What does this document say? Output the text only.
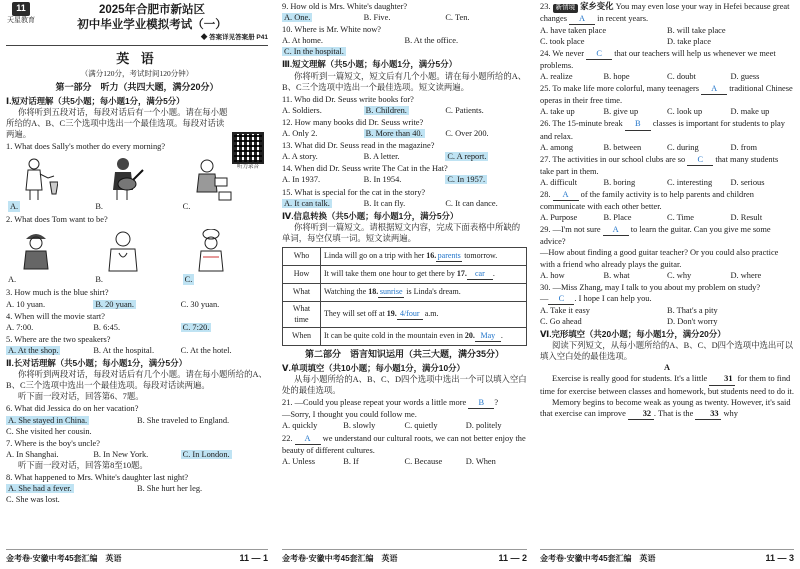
11
天星教育
2025年合肥市新站区
初中毕业学业模拟考试（一）
◆ 答案详见答案册 P41
英 语
（满分120分，考试时间120分钟）
第一部分　听力（共四大题，满分20分）
听力录音
Ⅰ.短对话理解（共5小题；每小题1分，满分5分）
你将听到五段对话，每段对话后有一个小题。请在每小题所给的A、B、C三个选项中选出一个最佳选项。每段对话读两遍。
1. What does Sally's mother do every morning?
A.	B.	C.
2. What does Tom want to be?
A.	B.	C.
3. How much is the blue shirt?
A. 10 yuan.	B. 20 yuan.	C. 30 yuan.
4. When will the movie start?
A. 7:00.	B. 6:45.	C. 7:20.
5. Where are the two speakers?
A. At the shop.	B. At the hospital.	C. At the hotel.
Ⅱ.长对话理解（共5小题；每小题1分，满分5分）
你将听到两段对话，每段对话后有几个小题。请在每小题所给的A、B、C三个选项中选出一个最佳选项。每段对话读两遍。
听下面一段对话，回答第6、7题。
6. What did Jessica do on her vacation?
A. She stayed in China.	B. She traveled to England.
C. She visited her cousin.
7. Where is the boy's uncle?
A. In Shanghai.	B. In New York.	C. In London.
听下面一段对话，回答第8至10题。
8. What happened to Mrs. White's daughter last night?
A. She had a fever.	B. She hurt her leg.
C. She was lost.
金考卷·安徽中考45套汇编　英语	11 — 1
9. How old is Mrs. White's daughter?
A. One.	B. Five.	C. Ten.
10. Where is Mr. White now?
A. At home.	B. At the office.
C. In the hospital.
Ⅲ.短文理解（共5小题；每小题1分，满分5分）
你将听到一篇短文，短文后有几个小题。请在每小题所给的A、B、C三个选项中选出一个最佳选项。短文读两遍。
11. Who did Dr. Seuss write books for?
A. Soldiers.	B. Children.	C. Patients.
12. How many books did Dr. Seuss write?
A. Only 2.	B. More than 40.	C. Over 200.
13. What did Dr. Seuss read in the magazine?
A. A story.	B. A letter.	C. A report.
14. When did Dr. Seuss write The Cat in the Hat?
A. In 1937.	B. In 1954.	C. In 1957.
15. What is special for the cat in the story?
A. It can talk.	B. It can fly.	C. It can dance.
Ⅳ.信息转换（共5小题；每小题1分，满分5分）
你将听到一篇短文。请根据短文内容，完成下面表格中所缺的单词，每空仅填一词。短文读两遍。
Who	Linda will go on a trip with her 16.parents tomorrow.
How	It will take them one hour to get there by 17. car .
What	Watching the 18. sunrise is Linda's dream.
What time	They will set off at 19. 4/four a.m.
When	It can be quite cold in the mountain even in 20. May .
第二部分　语言知识运用（共三大题，满分35分）
Ⅴ.单项填空（共10小题；每小题1分，满分10分）
从每小题所给的A、B、C、D四个选项中选出一个可以填入空白处的最佳选项。
21. —Could you please repeat your words a little more B ?
—Sorry, I thought you could follow me.
A. quickly	B. slowly	C. quietly	D. politely
22. A we understand our cultural roots, we can not better enjoy the beauty of different cultures.
A. Unless	B. If	C. Because	D. When
金考卷·安徽中考45套汇编　英语	11 — 2
23. 新情境 家乡变化 You may even lose your way in Hefei because great changes A in recent years.
A. have taken place	B. will take place
C. took place	D. take place
24. We never C that our teachers will help us whenever we meet problems.
A. realize	B. hope	C. doubt	D. guess
25. To make life more colorful, many teenagers A traditional Chinese operas in their free time.
A. take up	B. give up	C. look up	D. make up
26. The 15-minute break B classes is important for students to play and relax.
A. among	B. between	C. during	D. from
27. The activities in our school clubs are so C that many students take part in them.
A. difficult	B. boring	C. interesting	D. serious
28. A of the family activity is to help parents and children communicate with each other better.
A. Purpose	B. Place	C. Time	D. Result
29. —I'm not sure A to learn the guitar. Can you give me some advice?
—How about finding a good guitar teacher? Or you could also practice with a friend who already plays the guitar.
A. how	B. what	C. why	D. where
30. —Miss Zhang, may I talk to you about my problem on study?
— C . I hope I can help you.
A. Take it easy	B. That's a pity
C. Go ahead	D. Don't worry
Ⅵ.完形填空（共20小题；每小题1分，满分20分）
阅读下列短文，从每小题所给的A、B、C、D四个选项中选出可以填入空白处的最佳选项。
A
Exercise is really good for students. It's a little 31 for them to find time for exercise between classes and homework, but students need to do it.
Memory begins to become weak as young as twenty. However, it's said that exercise can improve 32 . That is the 33 why
金考卷·安徽中考45套汇编　英语	11 — 3
